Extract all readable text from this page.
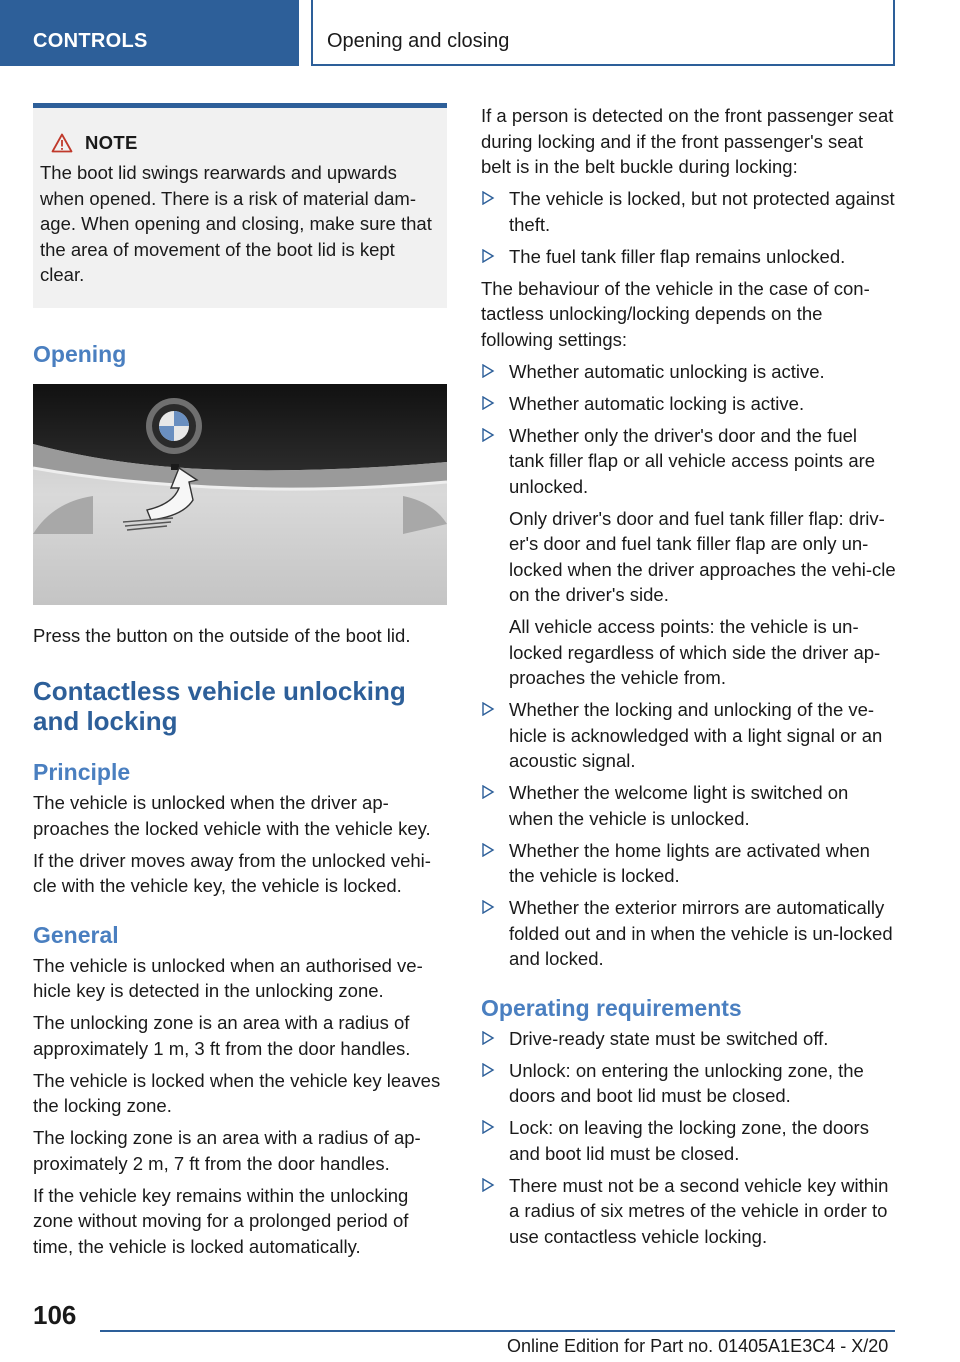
CONTROLS	Opening and closing
NOTE

The boot lid swings rearwards and upwards when opened. There is a risk of material dam‐age. When opening and closing, make sure that the area of movement of the boot lid is kept clear.

Opening

Press the button on the outside of the boot lid.

Contactless vehicle unlocking and locking
Principle

The vehicle is unlocked when the driver ap‐proaches the locked vehicle with the vehicle key.

If the driver moves away from the unlocked vehi‐cle with the vehicle key, the vehicle is locked.

General

The vehicle is unlocked when an authorised ve‐hicle key is detected in the unlocking zone.

The unlocking zone is an area with a radius of approximately 1 m, 3 ft from the door handles.

The vehicle is locked when the vehicle key leaves the locking zone.

The locking zone is an area with a radius of ap‐proximately 2 m, 7 ft from the door handles.

If the vehicle key remains within the unlocking zone without moving for a prolonged period of time, the vehicle is locked automatically.

If a person is detected on the front passenger seat during locking and if the front passenger's seat belt is in the belt buckle during locking:

The vehicle is locked, but not protected against theft.
The fuel tank filler flap remains unlocked.

The behaviour of the vehicle in the case of con‐tactless unlocking/locking depends on the following settings:

Whether automatic unlocking is active.
Whether automatic locking is active.
Whether only the driver's door and the fuel tank filler flap or all vehicle access points are unlocked.
Only driver's door and fuel tank filler flap: driv‐er's door and fuel tank filler flap are only un‐locked when the driver approaches the vehi‐cle on the driver's side.
All vehicle access points: the vehicle is un‐locked regardless of which side the driver ap‐proaches the vehicle from.
Whether the locking and unlocking of the ve‐hicle is acknowledged with a light signal or an acoustic signal.
Whether the welcome light is switched on when the vehicle is unlocked.
Whether the home lights are activated when the vehicle is locked.
Whether the exterior mirrors are automatically folded out and in when the vehicle is un‐locked and locked.
Operating requirements
Drive-ready state must be switched off.
Unlock: on entering the unlocking zone, the doors and boot lid must be closed.
Lock: on leaving the locking zone, the doors and boot lid must be closed.
There must not be a second vehicle key within a radius of six metres of the vehicle in order to use contactless vehicle locking.
106
Online Edition for Part no. 01405A1E3C4 - X/20
